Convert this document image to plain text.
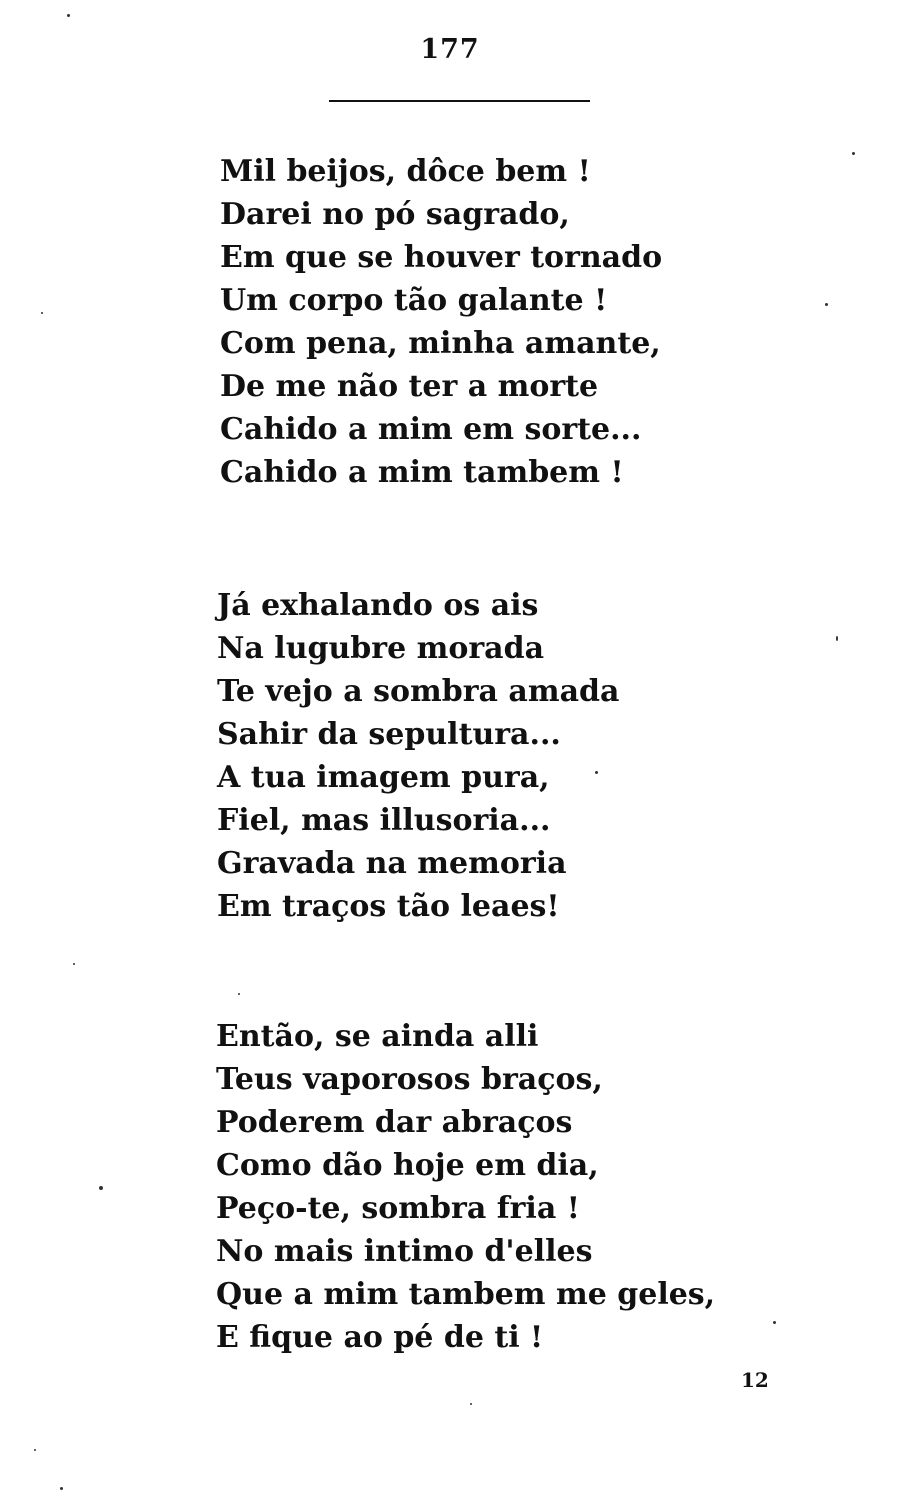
177
Mil beijos, dôce bem !
Darei no pó sagrado,
Em que se houver tornado
Um corpo tão galante !
Com pena, minha amante,
De me não ter a morte
Cahido a mim em sorte...
Cahido a mim tambem !
Já exhalando os ais
Na lugubre morada
Te vejo a sombra amada
Sahir da sepultura...
A tua imagem pura,
Fiel, mas illusoria...
Gravada na memoria
Em traços tão leaes!
Então, se ainda alli
Teus vaporosos braços,
Poderem dar abraços
Como dão hoje em dia,
Peço-te, sombra fria !
No mais intimo d'elles
Que a mim tambem me geles,
E fique ao pé de ti !
12
